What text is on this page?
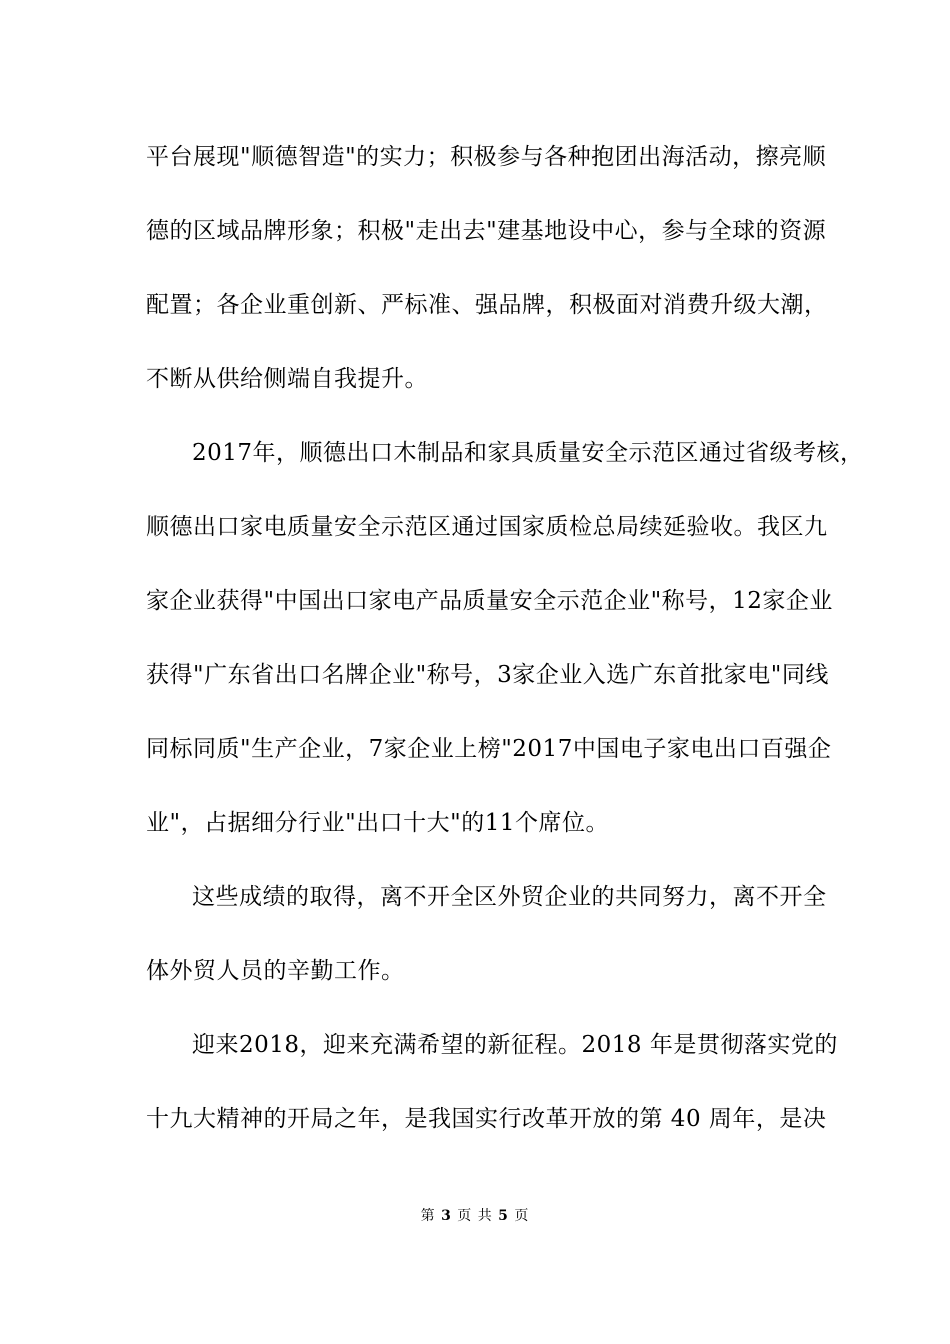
平台展现"顺德智造"的实力；积极参与各种抱团出海活动，擦亮顺
德的区域品牌形象；积极"走出去"建基地设中心，参与全球的资源
配置；各企业重创新、严标准、强品牌，积极面对消费升级大潮，
不断从供给侧端自我提升。
2017年，顺德出口木制品和家具质量安全示范区通过省级考核，
顺德出口家电质量安全示范区通过国家质检总局续延验收。我区九
家企业获得"中国出口家电产品质量安全示范企业"称号，12家企业
获得"广东省出口名牌企业"称号，3家企业入选广东首批家电"同线
同标同质"生产企业，7家企业上榜"2017中国电子家电出口百强企
业"，占据细分行业"出口十大"的11个席位。
这些成绩的取得，离不开全区外贸企业的共同努力，离不开全
体外贸人员的辛勤工作。
迎来2018，迎来充满希望的新征程。2018 年是贯彻落实党的
十九大精神的开局之年，是我国实行改革开放的第 40 周年，是决
第 3 页 共 5 页
